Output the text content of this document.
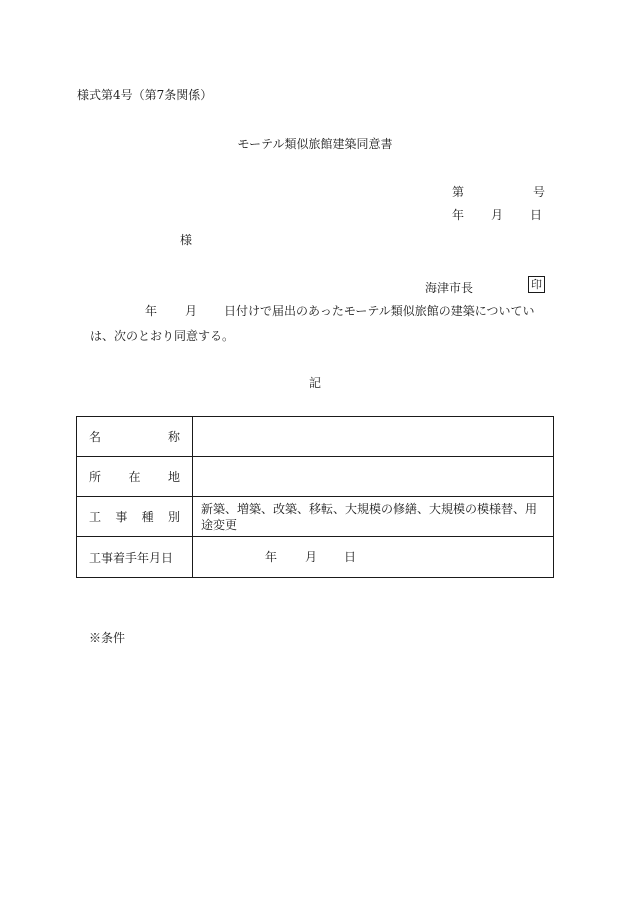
様式第4号（第7条関係）
モーテル類似旅館建築同意書
第	号
年 月 日
様
海津市長	印
年 月 日付けで届出のあったモーテル類似旅館の建築についてい
は、次のとおり同意する。
記
名 称	

所 在 地	

工 事 種 別	新築、増築、改築、移転、大規模の修繕、大規模の模様替、用途変更

工事着手年月日	年 月 日
※条件
